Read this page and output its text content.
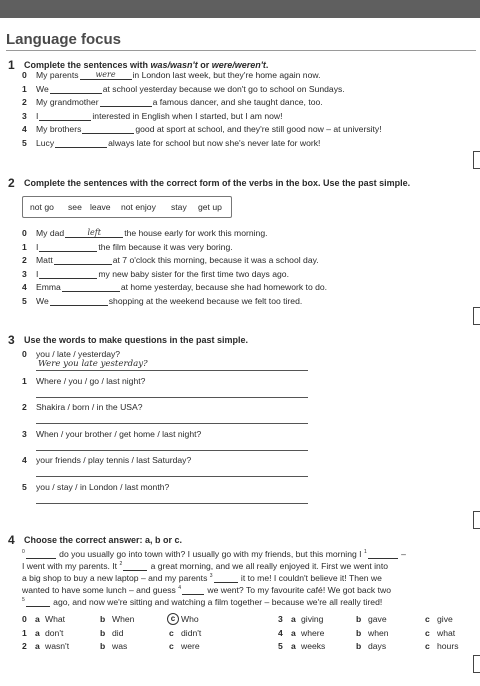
Language focus
1 Complete the sentences with was/wasn't or were/weren't.
0 My parents were in London last week, but they're home again now.
1 We	at school yesterday because we don't go to school on Sundays.
2 My grandmother	a famous dancer, and she taught dance, too.
3 I	interested in English when I started, but I am now!
4 My brothers	good at sport at school, and they're still good now – at university!
5 Lucy	always late for school but now she's never late for work!
2 Complete the sentences with the correct form of the verbs in the box. Use the past simple.
not go see leave not enjoy stay get up
0 My dad	left	the house early for work this morning.
1 I	the film because it was very boring.
2 Matt	at 7 o'clock this morning, because it was a school day.
3 I	my new baby sister for the first time two days ago.
4 Emma	at home yesterday, because she had homework to do.
5 We	shopping at the weekend because we felt too tired.
3 Use the words to make questions in the past simple.
0 you / late / yesterday?
Were you late yesterday?
1 Where / you / go / last night?
2 Shakira / born / in the USA?
3 When / your brother / get home / last night?
4 your friends / play tennis / last Saturday?
5 you / stay / in London / last month?
4 Choose the correct answer: a, b or c.
$^0$	do you usually go into town with? I usually go with my friends, but this morning I $^1$	–
I went with my parents. It $^2$	a great morning, and we all really enjoyed it. First we went into
a big shop to buy a new laptop – and my parents $^3$	it to me! I couldn't believe it! Then we
wanted to have some lunch – and guess $^4$	we went? To my favourite café! We got back two
$^5$	ago, and now we're sitting and watching a film together – because we're all really tired!
0 a What	b When	c Who
1 a don't	b did	c didn't
2 a wasn't	b was	c were
3 a giving	b gave	c give
4 a where	b when	c what
5 a weeks	b days	c hours
